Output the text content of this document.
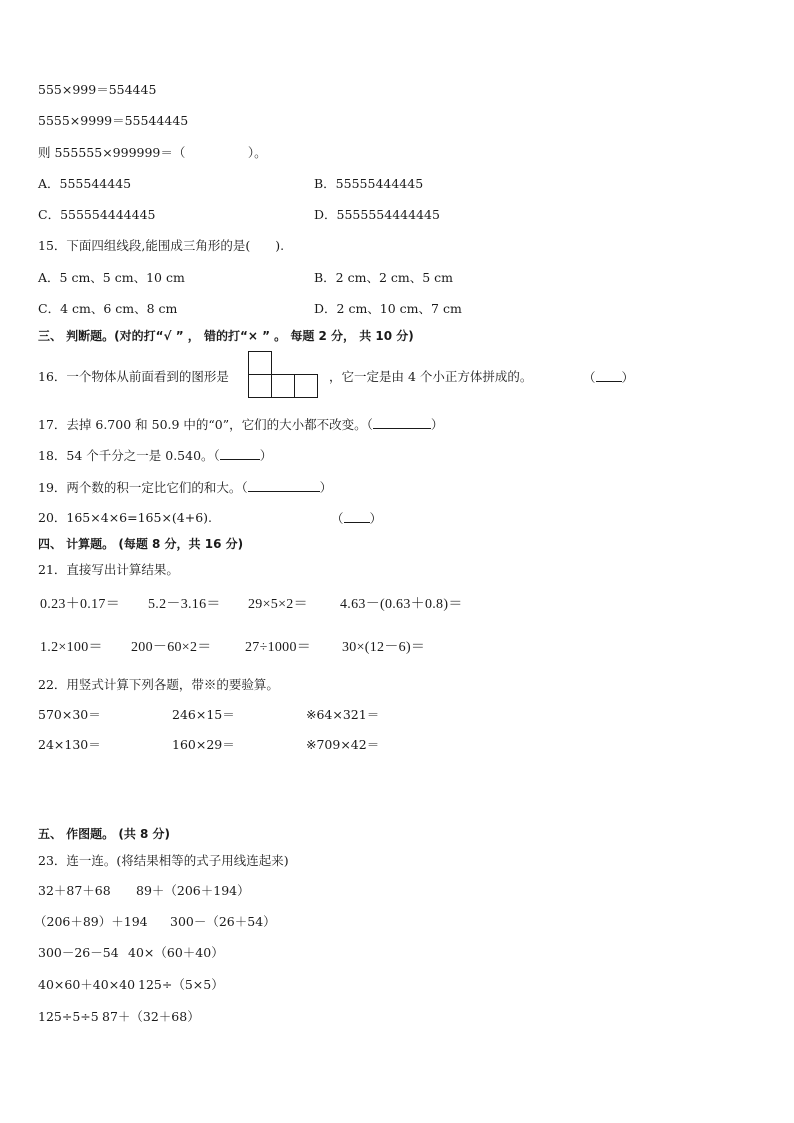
555×999＝554445
5555×9999＝55544445
则 555555×999999＝（　　　　　）。
A．555544445	B．55555444445
C．555554444445	D．5555554444445
15．下面四组线段,能围成三角形的是(　　).
A．5 cm、5 cm、10 cm	B．2 cm、2 cm、5 cm
C．4 cm、6 cm、8 cm	D．2 cm、10 cm、7 cm
三、 判断题。(对的打“√ ” ， 错的打“× ” 。 每题 2 分， 共 10 分)
16．一个物体从前面看到的图形是	，它一定是由 4 个小正方体拼成的。	（ ）
17．去掉 6.700 和 50.9 中的“0”，它们的大小都不改变。（	）
18．54 个千分之一是 0.540。（	）
19．两个数的积一定比它们的和大。（	）
20．165×4×6=165×(4+6).	（ ）
四、 计算题。 (每题 8 分，共 16 分)
21．直接写出计算结果。
0.23＋0.17＝ 5.2－3.16＝ 29×5×2＝ 4.63－(0.63＋0.8)＝
1.2×100＝ 200－60×2＝ 27÷1000＝ 30×(12－6)＝
22．用竖式计算下列各题，带※的要验算。
570×30＝	246×15＝	※64×321＝
24×130＝	160×29＝	※709×42＝
五、 作图题。 (共 8 分)
23．连一连。(将结果相等的式子用线连起来)
32＋87＋68 89＋（206＋194）
（206＋89）＋194 300－（26＋54）
300－26－54 40×（60＋40）
40×60＋40×40 125÷（5×5）
125÷5÷5 87＋（32＋68）
